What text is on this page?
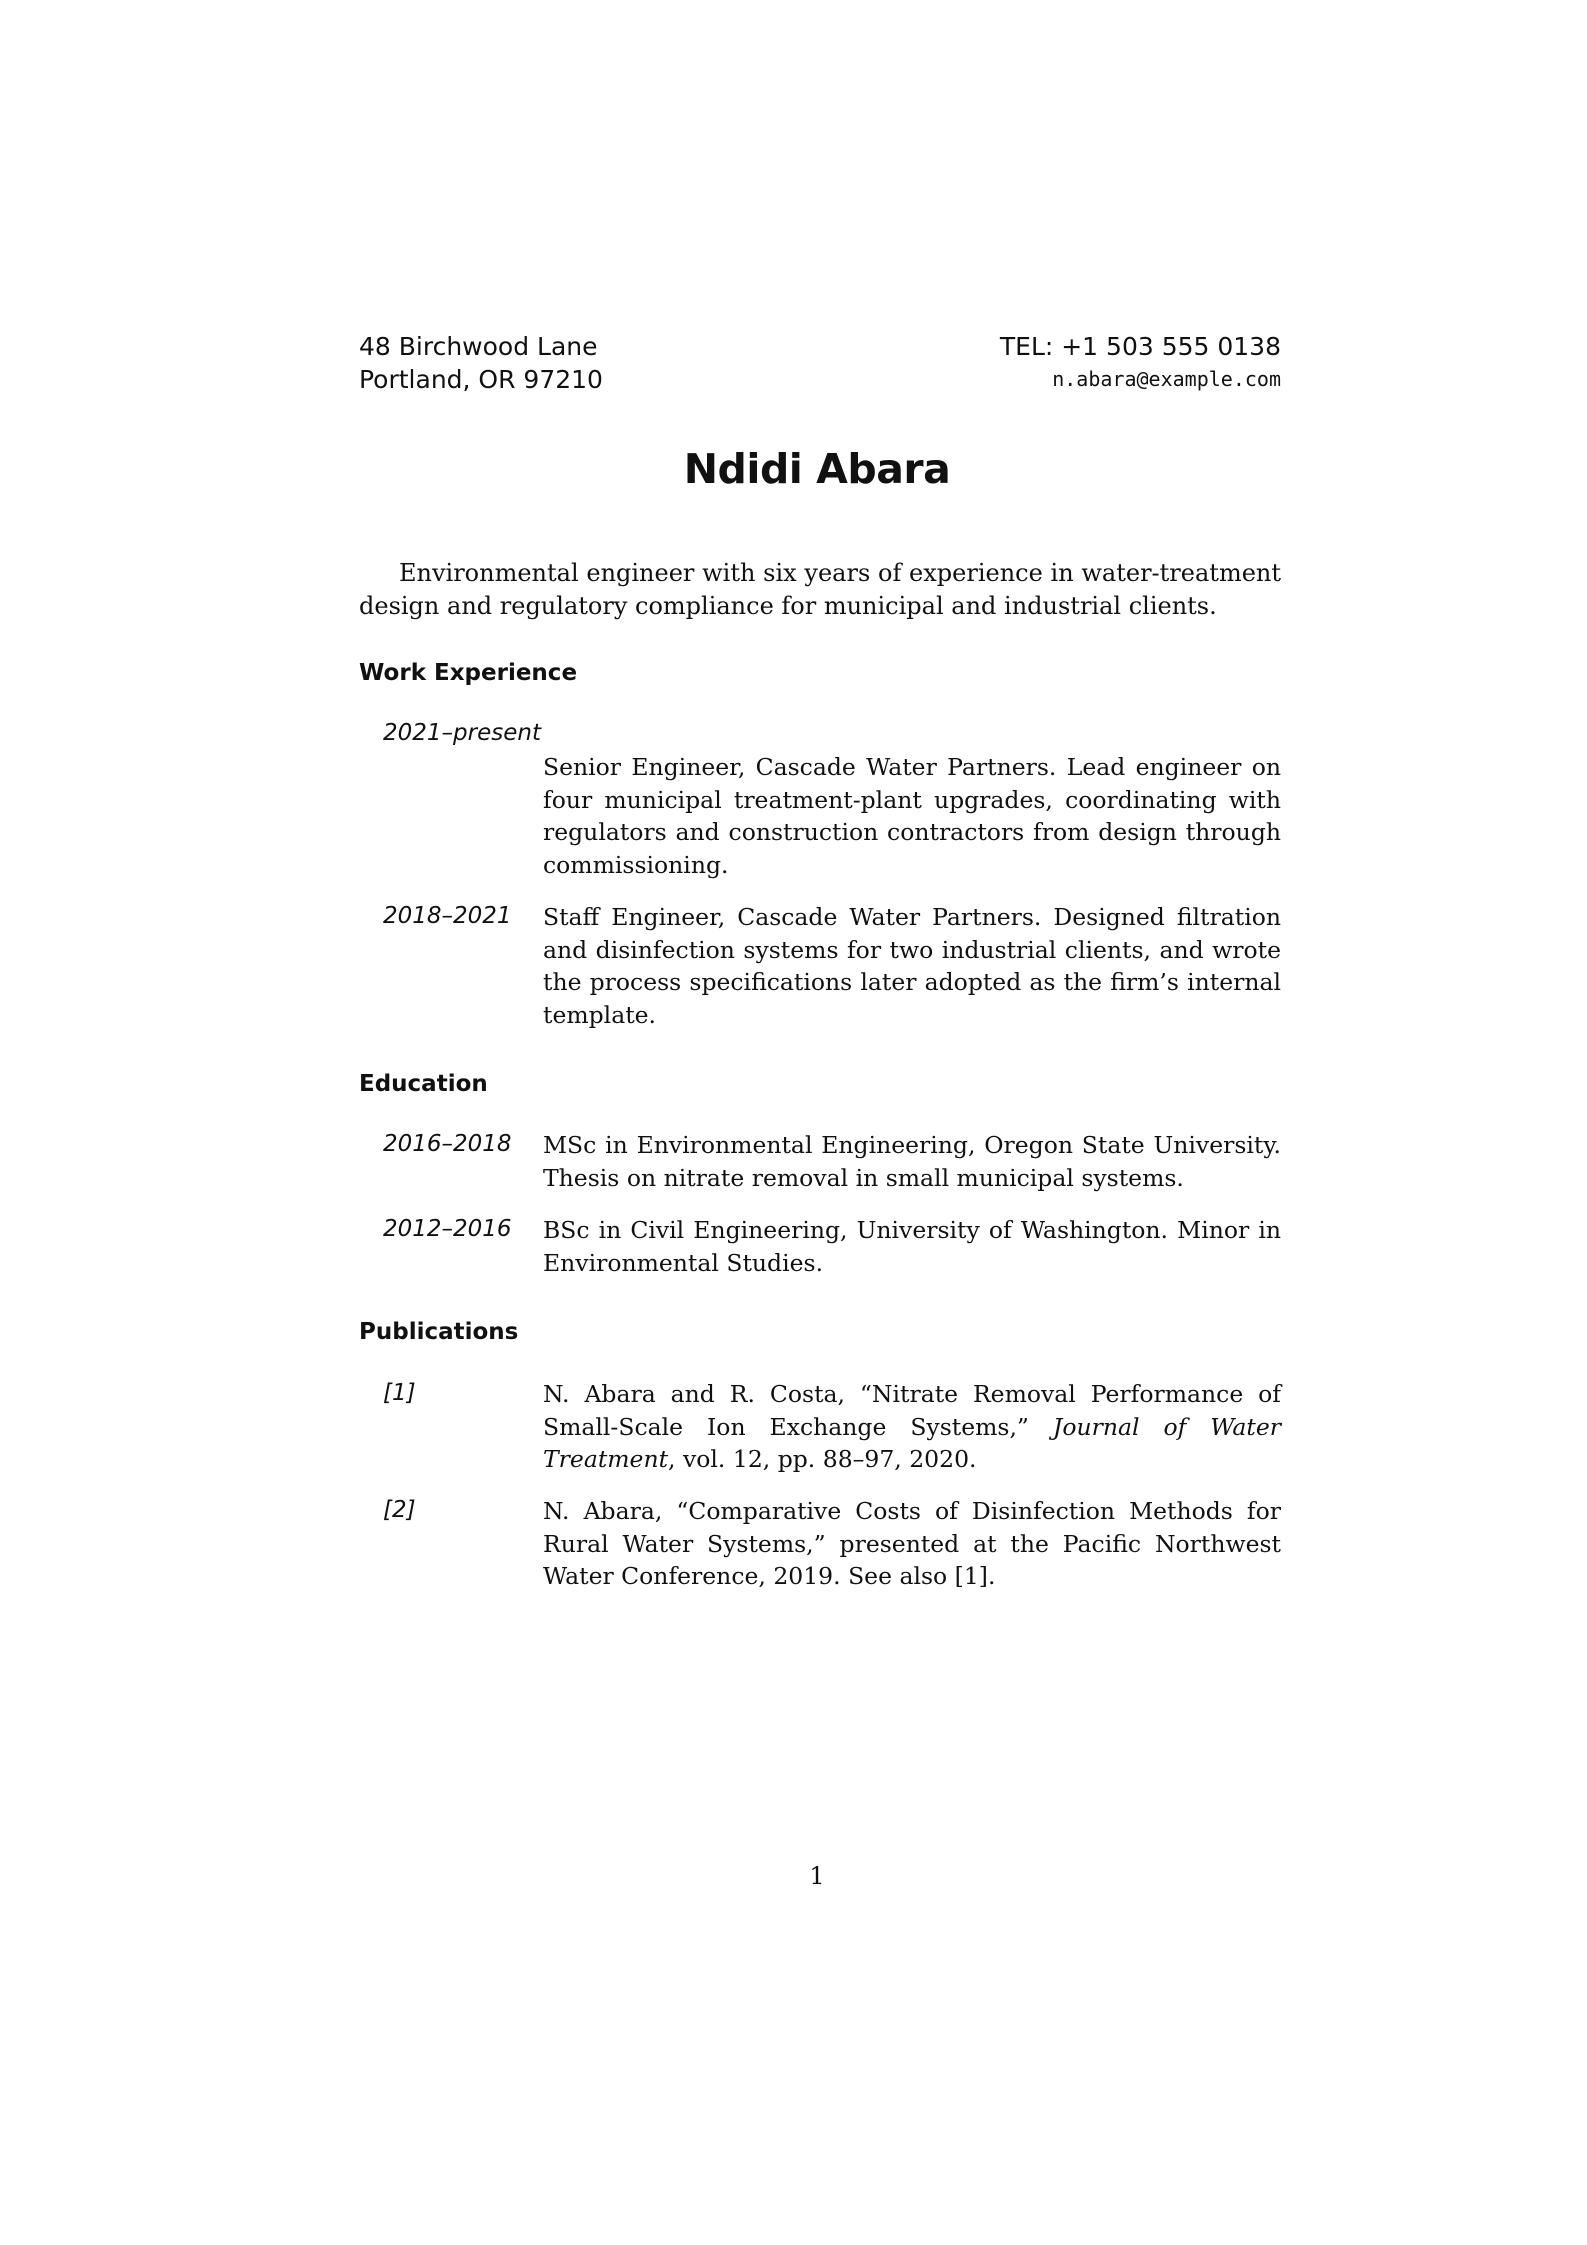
48 Birchwood Lane
Portland, OR 97210
TEL: +1 503 555 0138
n.abara@example.com
Ndidi Abara

Environmental engineer with six years of experience in water-treatment design and regulatory compliance for municipal and industrial clients.

Work Experience
2021–present

Senior Engineer, Cascade Water Partners. Lead engineer on four municipal treatment-plant upgrades, coordinating with regulators and construction contractors from design through commissioning.

2018–2021 Staff Engineer, Cascade Water Partners. Designed filtration and disinfection systems for two industrial clients, and wrote the process specifications later adopted as the firm’s internal template.

Education
2016–2018 MSc in Environmental Engineering, Oregon State University. Thesis on nitrate removal in small municipal systems.

2012–2016 BSc in Civil Engineering, University of Washington. Minor in Environmental Studies.

Publications
[1]	N. Abara and R. Costa, “Nitrate Removal Performance of Small-Scale Ion Exchange Systems,” Journal of Water Treatment, vol. 12, pp. 88–97, 2020.

[2]	N. Abara, “Comparative Costs of Disinfection Methods for Rural Water Systems,” presented at the Pacific Northwest Water Conference, 2019. See also [1].

1
